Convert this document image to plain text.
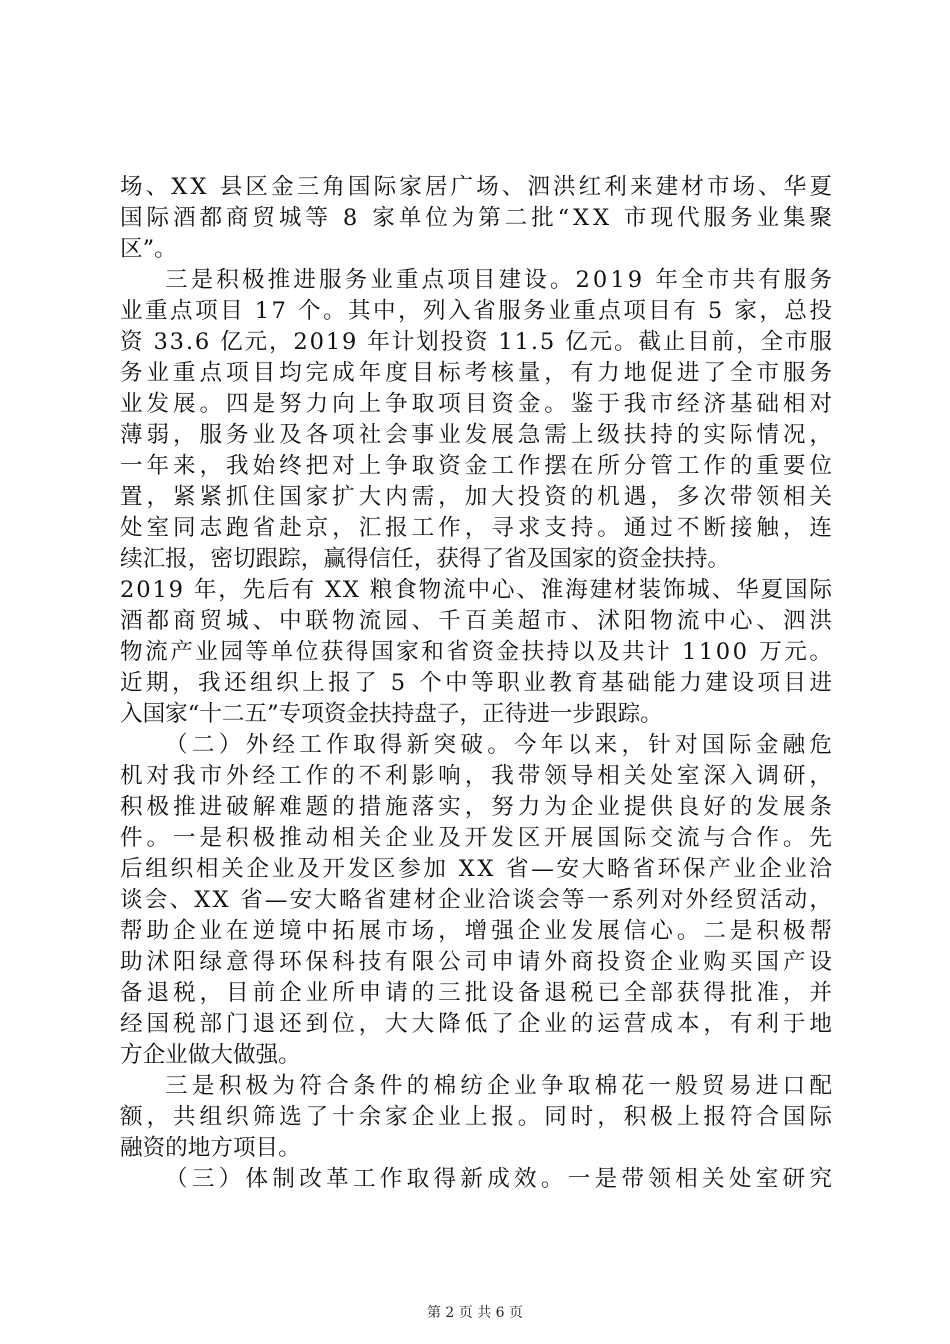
场、XX 县区金三角国际家居广场、泗洪红利来建材市场、华夏
国际酒都商贸城等 8 家单位为第二批“XX 市现代服务业集聚
区”。
三是积极推进服务业重点项目建设。2019 年全市共有服务
业重点项目 17 个。其中，列入省服务业重点项目有 5 家，总投
资 33.6 亿元，2019 年计划投资 11.5 亿元。截止目前，全市服
务业重点项目均完成年度目标考核量，有力地促进了全市服务
业发展。四是努力向上争取项目资金。鉴于我市经济基础相对
薄弱，服务业及各项社会事业发展急需上级扶持的实际情况，
一年来，我始终把对上争取资金工作摆在所分管工作的重要位
置，紧紧抓住国家扩大内需，加大投资的机遇，多次带领相关
处室同志跑省赴京，汇报工作，寻求支持。通过不断接触，连
续汇报，密切跟踪，赢得信任，获得了省及国家的资金扶持。
2019 年，先后有 XX 粮食物流中心、淮海建材装饰城、华夏国际
酒都商贸城、中联物流园、千百美超市、沭阳物流中心、泗洪
物流产业园等单位获得国家和省资金扶持以及共计 1100 万元。
近期，我还组织上报了 5 个中等职业教育基础能力建设项目进
入国家“十二五”专项资金扶持盘子，正待进一步跟踪。
（二）外经工作取得新突破。今年以来，针对国际金融危
机对我市外经工作的不利影响，我带领导相关处室深入调研，
积极推进破解难题的措施落实，努力为企业提供良好的发展条
件。一是积极推动相关企业及开发区开展国际交流与合作。先
后组织相关企业及开发区参加 XX 省—安大略省环保产业企业洽
谈会、XX 省—安大略省建材企业洽谈会等一系列对外经贸活动，
帮助企业在逆境中拓展市场，增强企业发展信心。二是积极帮
助沭阳绿意得环保科技有限公司申请外商投资企业购买国产设
备退税，目前企业所申请的三批设备退税已全部获得批准，并
经国税部门退还到位，大大降低了企业的运营成本，有利于地
方企业做大做强。
三是积极为符合条件的棉纺企业争取棉花一般贸易进口配
额，共组织筛选了十余家企业上报。同时，积极上报符合国际
融资的地方项目。
（三）体制改革工作取得新成效。一是带领相关处室研究
第 2 页 共 6 页
